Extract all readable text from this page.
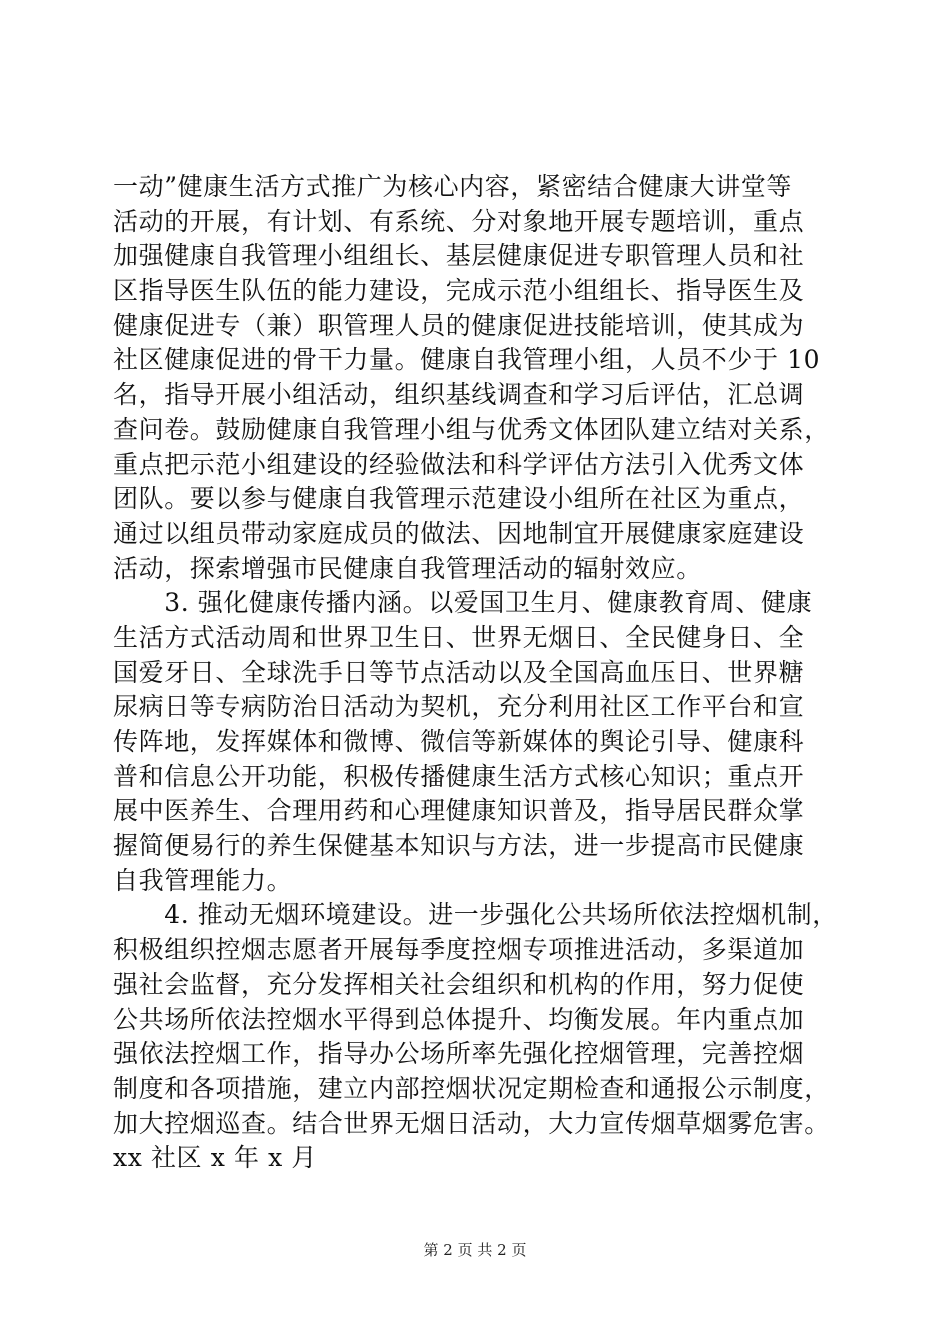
一动”健康生活方式推广为核心内容，紧密结合健康大讲堂等
活动的开展，有计划、有系统、分对象地开展专题培训，重点
加强健康自我管理小组组长、基层健康促进专职管理人员和社
区指导医生队伍的能力建设，完成示范小组组长、指导医生及
健康促进专（兼）职管理人员的健康促进技能培训，使其成为
社区健康促进的骨干力量。健康自我管理小组，人员不少于 10
名，指导开展小组活动，组织基线调查和学习后评估，汇总调
查问卷。鼓励健康自我管理小组与优秀文体团队建立结对关系，
重点把示范小组建设的经验做法和科学评估方法引入优秀文体
团队。要以参与健康自我管理示范建设小组所在社区为重点，
通过以组员带动家庭成员的做法、因地制宜开展健康家庭建设
活动，探索增强市民健康自我管理活动的辐射效应。
　　3. 强化健康传播内涵。以爱国卫生月、健康教育周、健康
生活方式活动周和世界卫生日、世界无烟日、全民健身日、全
国爱牙日、全球洗手日等节点活动以及全国高血压日、世界糖
尿病日等专病防治日活动为契机，充分利用社区工作平台和宣
传阵地，发挥媒体和微博、微信等新媒体的舆论引导、健康科
普和信息公开功能，积极传播健康生活方式核心知识；重点开
展中医养生、合理用药和心理健康知识普及，指导居民群众掌
握简便易行的养生保健基本知识与方法，进一步提高市民健康
自我管理能力。
　　4. 推动无烟环境建设。进一步强化公共场所依法控烟机制，
积极组织控烟志愿者开展每季度控烟专项推进活动，多渠道加
强社会监督，充分发挥相关社会组织和机构的作用，努力促使
公共场所依法控烟水平得到总体提升、均衡发展。年内重点加
强依法控烟工作，指导办公场所率先强化控烟管理，完善控烟
制度和各项措施，建立内部控烟状况定期检查和通报公示制度，
加大控烟巡查。结合世界无烟日活动，大力宣传烟草烟雾危害。
xx 社区 x 年 x 月
第 2 页 共 2 页
